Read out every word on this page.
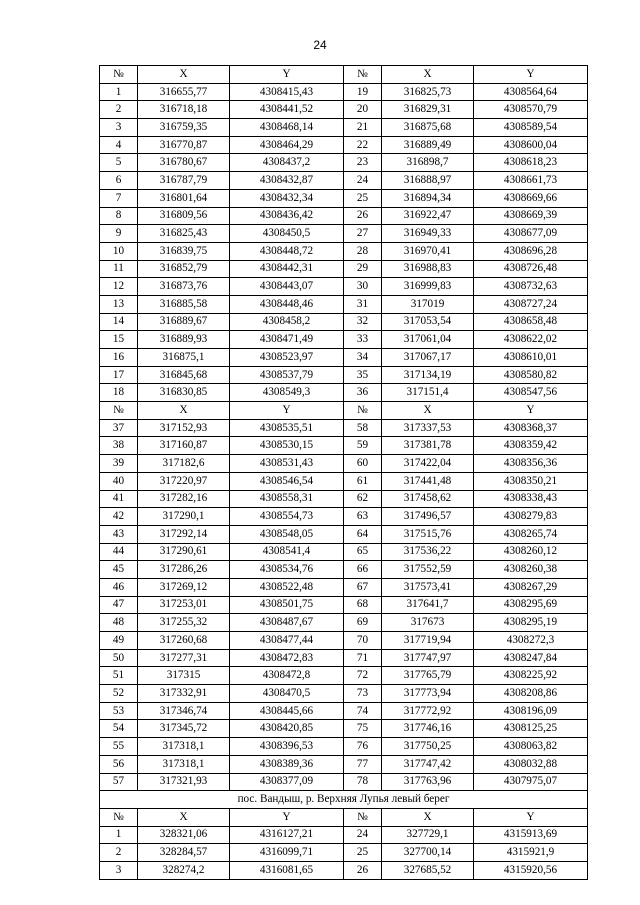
24
№	X	Y	№	X	Y
1	316655,77	4308415,43	19	316825,73	4308564,64
2	316718,18	4308441,52	20	316829,31	4308570,79
3	316759,35	4308468,14	21	316875,68	4308589,54
4	316770,87	4308464,29	22	316889,49	4308600,04
5	316780,67	4308437,2	23	316898,7	4308618,23
6	316787,79	4308432,87	24	316888,97	4308661,73
7	316801,64	4308432,34	25	316894,34	4308669,66
8	316809,56	4308436,42	26	316922,47	4308669,39
9	316825,43	4308450,5	27	316949,33	4308677,09
10	316839,75	4308448,72	28	316970,41	4308696,28
11	316852,79	4308442,31	29	316988,83	4308726,48
12	316873,76	4308443,07	30	316999,83	4308732,63
13	316885,58	4308448,46	31	317019	4308727,24
14	316889,67	4308458,2	32	317053,54	4308658,48
15	316889,93	4308471,49	33	317061,04	4308622,02
16	316875,1	4308523,97	34	317067,17	4308610,01
17	316845,68	4308537,79	35	317134,19	4308580,82
18	316830,85	4308549,3	36	317151,4	4308547,56
№	X	Y	№	X	Y
37	317152,93	4308535,51	58	317337,53	4308368,37
38	317160,87	4308530,15	59	317381,78	4308359,42
39	317182,6	4308531,43	60	317422,04	4308356,36
40	317220,97	4308546,54	61	317441,48	4308350,21
41	317282,16	4308558,31	62	317458,62	4308338,43
42	317290,1	4308554,73	63	317496,57	4308279,83
43	317292,14	4308548,05	64	317515,76	4308265,74
44	317290,61	4308541,4	65	317536,22	4308260,12
45	317286,26	4308534,76	66	317552,59	4308260,38
46	317269,12	4308522,48	67	317573,41	4308267,29
47	317253,01	4308501,75	68	317641,7	4308295,69
48	317255,32	4308487,67	69	317673	4308295,19
49	317260,68	4308477,44	70	317719,94	4308272,3
50	317277,31	4308472,83	71	317747,97	4308247,84
51	317315	4308472,8	72	317765,79	4308225,92
52	317332,91	4308470,5	73	317773,94	4308208,86
53	317346,74	4308445,66	74	317772,92	4308196,09
54	317345,72	4308420,85	75	317746,16	4308125,25
55	317318,1	4308396,53	76	317750,25	4308063,82
56	317318,1	4308389,36	77	317747,42	4308032,88
57	317321,93	4308377,09	78	317763,96	4307975,07
пос. Вандыш, р. Верхняя Лупья левый берег					
№	X	Y	№	X	Y
1	328321,06	4316127,21	24	327729,1	4315913,69
2	328284,57	4316099,71	25	327700,14	4315921,9
3	328274,2	4316081,65	26	327685,52	4315920,56
